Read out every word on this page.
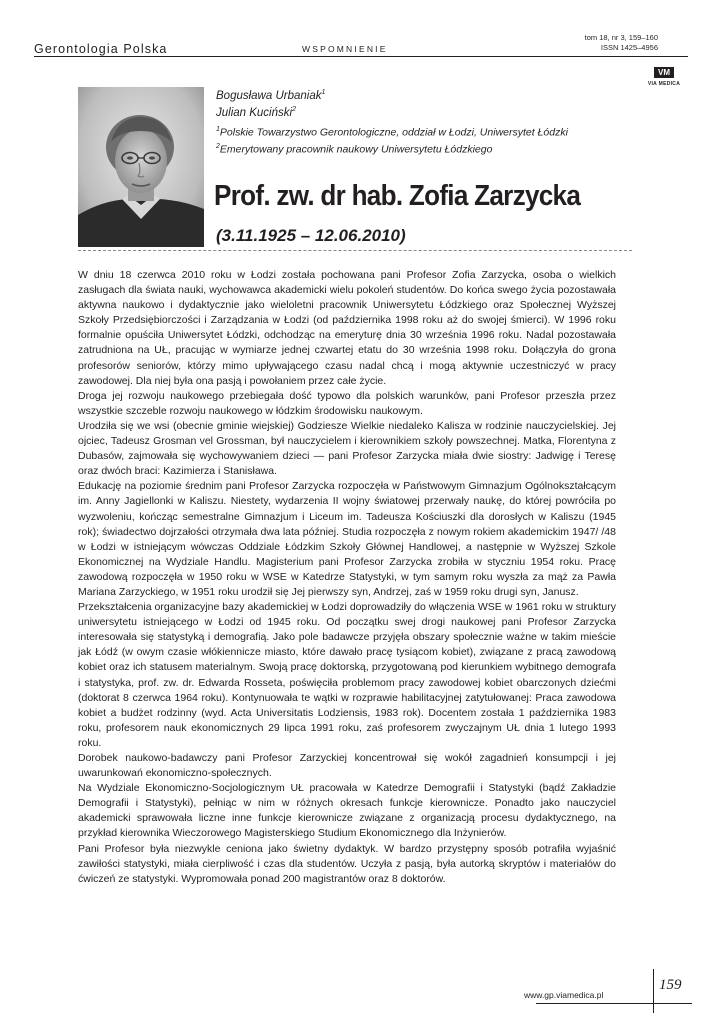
Gerontologia Polska	WSPOMNIENIE
tom 18, nr 3, 159–160
ISSN 1425–4956
VM
VIA MEDICA
Bogusława Urbaniak$^1$
Julian Kuciński$^2$
$^1$Polskie Towarzystwo Gerontologiczne, oddział w Łodzi, Uniwersytet Łódzki
$^2$Emerytowany pracownik naukowy Uniwersytetu Łódzkiego
Prof. zw. dr hab. Zofia Zarzycka
(3.11.1925 – 12.06.2010)

W dniu 18 czerwca 2010 roku w Łodzi została pochowana pani Profesor Zofia Zarzycka, osoba o wielkich zasługach dla świata nauki, wychowawca akademicki wielu pokoleń studentów. Do końca swego życia pozostawała aktywna naukowo i dydaktycznie jako wieloletni pracownik Uniwersytetu Łódzkiego oraz Społecznej Wyższej Szkoły Przedsiębiorczości i Zarządzania w Łodzi (od października 1998 roku aż do swojej śmierci). W 1996 roku formalnie opuściła Uniwersytet Łódzki, odchodząc na emeryturę dnia 30 września 1996 roku. Nadal pozostawała zatrudniona na UŁ, pracując w wymiarze jednej czwartej etatu do 30 września 1998 roku. Dołączyła do grona profesorów seniorów, którzy mimo upływającego czasu nadal chcą i mogą aktywnie uczestniczyć w pracy zawodowej. Dla niej była ona pasją i powołaniem przez całe życie.

Droga jej rozwoju naukowego przebiegała dość typowo dla polskich warunków, pani Profesor przeszła przez wszystkie szczeble rozwoju naukowego w łódzkim środowisku naukowym.

Urodziła się we wsi (obecnie gminie wiejskiej) Godziesze Wielkie niedaleko Kalisza w rodzinie nauczycielskiej. Jej ojciec, Tadeusz Grosman vel Grossman, był nauczycielem i kierownikiem szkoły powszechnej. Matka, Florentyna z Dubasów, zajmowała się wychowywaniem dzieci — pani Profesor Zarzycka miała dwie siostry: Jadwigę i Teresę oraz dwóch braci: Kazimierza i Stanisława.

Edukację na poziomie średnim pani Profesor Zarzycka rozpoczęła w Państwowym Gimnazjum Ogólnokształcącym im. Anny Jagiellonki w Kaliszu. Niestety, wydarzenia II wojny światowej przerwały naukę, do której powróciła po wyzwoleniu, kończąc semestralne Gimnazjum i Liceum im. Tadeusza Kościuszki dla dorosłych w Kaliszu (1945 rok); świadectwo dojrzałości otrzymała dwa lata później. Studia rozpoczęła z nowym rokiem akademickim 1947/ /48 w Łodzi w istniejącym wówczas Oddziale Łódzkim Szkoły Głównej Handlowej, a następnie w Wyższej Szkole Ekonomicznej na Wydziale Handlu. Magisterium pani Profesor Zarzycka zrobiła w styczniu 1954 roku. Pracę zawodową rozpoczęła w 1950 roku w WSE w Katedrze Statystyki, w tym samym roku wyszła za mąż za Pawła Mariana Zarzyckiego, w 1951 roku urodził się Jej pierwszy syn, Andrzej, zaś w 1959 roku drugi syn, Janusz.

Przekształcenia organizacyjne bazy akademickiej w Łodzi doprowadziły do włączenia WSE w 1961 roku w struktury uniwersytetu istniejącego w Łodzi od 1945 roku. Od początku swej drogi naukowej pani Profesor Zarzycka interesowała się statystyką i demografią. Jako pole badawcze przyjęła obszary społecznie ważne w takim mieście jak Łódź (w owym czasie włókiennicze miasto, które dawało pracę tysiącom kobiet), związane z pracą zawodową kobiet oraz ich statusem materialnym. Swoją pracę doktorską, przygotowaną pod kierunkiem wybitnego demografa i statystyka, prof. zw. dr. Edwarda Rosseta, poświęciła problemom pracy zawodowej kobiet obarczonych dziećmi (doktorat 8 czerwca 1964 roku). Kontynuowała te wątki w rozprawie habilitacyjnej zatytułowanej: Praca zawodowa kobiet a budżet rodzinny (wyd. Acta Universitatis Lodziensis, 1983 rok). Docentem została 1 października 1983 roku, profesorem nauk ekonomicznych 29 lipca 1991 roku, zaś profesorem zwyczajnym UŁ dnia 1 lutego 1993 roku.

Dorobek naukowo-badawczy pani Profesor Zarzyckiej koncentrował się wokół zagadnień konsumpcji i jej uwarunkowań ekonomiczno-społecznych.

Na Wydziale Ekonomiczno-Socjologicznym UŁ pracowała w Katedrze Demografii i Statystyki (bądź Zakładzie Demografii i Statystyki), pełniąc w nim w różnych okresach funkcje kierownicze. Ponadto jako nauczyciel akademicki sprawowała liczne inne funkcje kierownicze związane z organizacją procesu dydaktycznego, na przykład kierownika Wieczorowego Magisterskiego Studium Ekonomicznego dla Inżynierów.

Pani Profesor była niezwykle ceniona jako świetny dydaktyk. W bardzo przystępny sposób potrafiła wyjaśnić zawiłości statystyki, miała cierpliwość i czas dla studentów. Uczyła z pasją, była autorką skryptów i materiałów do ćwiczeń ze statystyki. Wypromowała ponad 200 magistrantów oraz 8 doktorów.

www.gp.viamedica.pl
159
